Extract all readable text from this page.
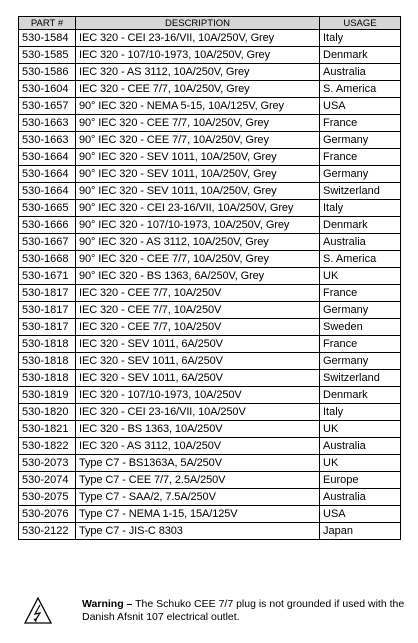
PART #	DESCRIPTION	USAGE
530-1584	IEC 320 - CEI 23-16/VII, 10A/250V, Grey	Italy
530-1585	IEC 320 - 107/10-1973, 10A/250V, Grey	Denmark
530-1586	IEC 320 - AS 3112, 10A/250V, Grey	Australia
530-1604	IEC 320 - CEE 7/7, 10A/250V, Grey	S. America
530-1657	90° IEC 320 - NEMA 5-15, 10A/125V, Grey	USA
530-1663	90° IEC 320 - CEE 7/7, 10A/250V, Grey	France
530-1663	90° IEC 320 - CEE 7/7, 10A/250V, Grey	Germany
530-1664	90° IEC 320 - SEV 1011, 10A/250V, Grey	France
530-1664	90° IEC 320 - SEV 1011, 10A/250V, Grey	Germany
530-1664	90° IEC 320 - SEV 1011, 10A/250V, Grey	Switzerland
530-1665	90° IEC 320 - CEI 23-16/VII, 10A/250V, Grey	Italy
530-1666	90° IEC 320 - 107/10-1973, 10A/250V, Grey	Denmark
530-1667	90° IEC 320 - AS 3112, 10A/250V, Grey	Australia
530-1668	90° IEC 320 - CEE 7/7, 10A/250V, Grey	S. America
530-1671	90° IEC 320 - BS 1363, 6A/250V, Grey	UK
530-1817	IEC 320 - CEE 7/7, 10A/250V	France
530-1817	IEC 320 - CEE 7/7, 10A/250V	Germany
530-1817	IEC 320 - CEE 7/7, 10A/250V	Sweden
530-1818	IEC 320 - SEV 1011, 6A/250V	France
530-1818	IEC 320 - SEV 1011, 6A/250V	Germany
530-1818	IEC 320 - SEV 1011, 6A/250V	Switzerland
530-1819	IEC 320 - 107/10-1973, 10A/250V	Denmark
530-1820	IEC 320 - CEI 23-16/VII, 10A/250V	Italy
530-1821	IEC 320 - BS 1363, 10A/250V	UK
530-1822	IEC 320 - AS 3112, 10A/250V	Australia
530-2073	Type C7 - BS1363A, 5A/250V	UK
530-2074	Type C7 - CEE 7/7, 2.5A/250V	Europe
530-2075	Type C7 - SAA/2, 7.5A/250V	Australia
530-2076	Type C7 - NEMA 1-15, 15A/125V	USA
530-2122	Type C7 - JIS-C 8303	Japan
Warning – The Schuko CEE 7/7 plug is not grounded if used with the Danish Afsnit 107 electrical outlet.
